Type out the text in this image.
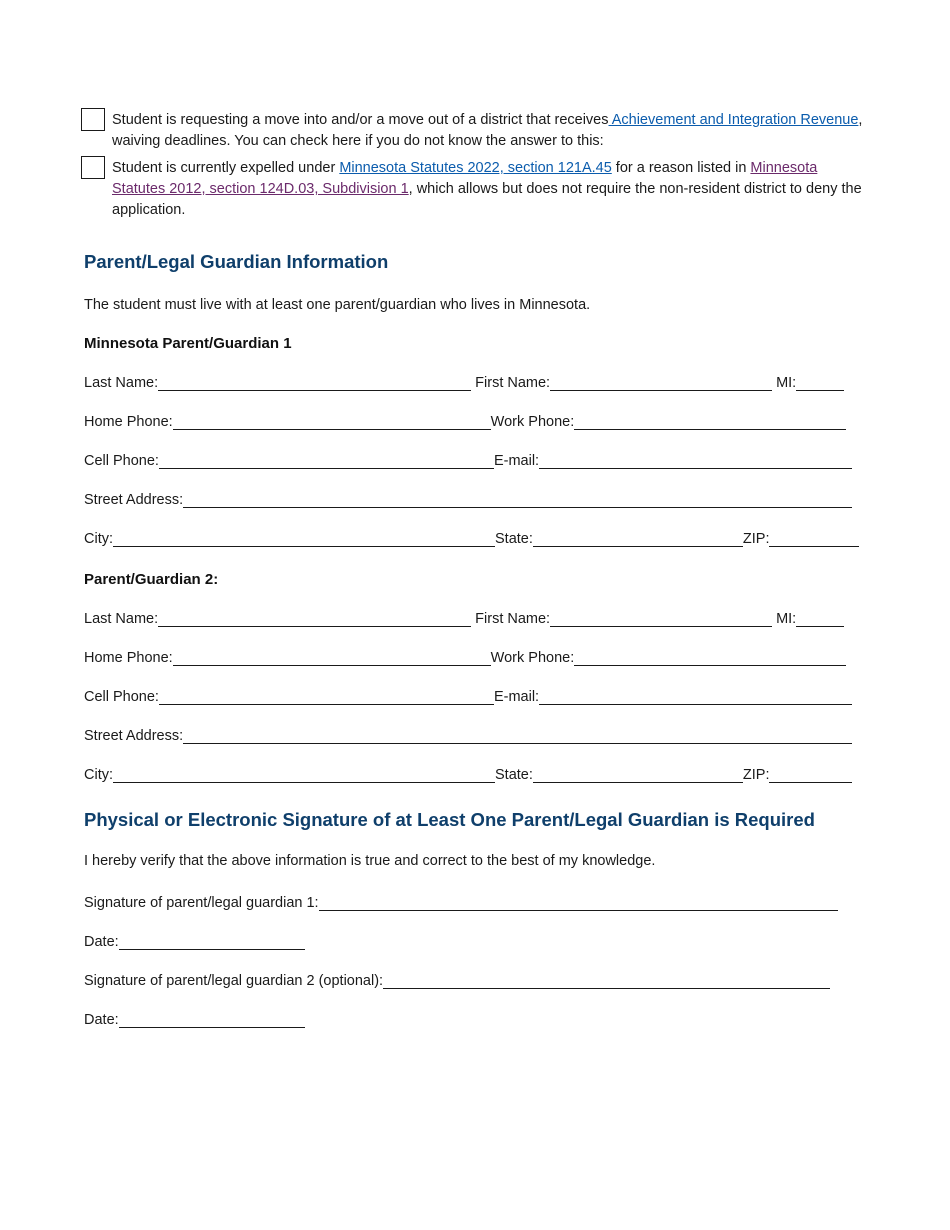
Student is requesting a move into and/or a move out of a district that receives Achievement and Integration Revenue, waiving deadlines. You can check here if you do not know the answer to this:
Student is currently expelled under Minnesota Statutes 2022, section 121A.45 for a reason listed in Minnesota Statutes 2012, section 124D.03, Subdivision 1, which allows but does not require the non-resident district to deny the application.
Parent/Legal Guardian Information

The student must live with at least one parent/guardian who lives in Minnesota.

Minnesota Parent/Guardian 1
Last Name:	First Name:	MI:
Home Phone:	Work Phone:
Cell Phone:	E-mail:
Street Address:
City:	State:	ZIP:
Parent/Guardian 2:
Last Name:	First Name:	MI:
Home Phone:	Work Phone:
Cell Phone:	E-mail:
Street Address:
City:	State:	ZIP:
Physical or Electronic Signature of at Least One Parent/Legal Guardian is Required

I hereby verify that the above information is true and correct to the best of my knowledge.

Signature of parent/legal guardian 1:
Date:
Signature of parent/legal guardian 2 (optional):
Date:
